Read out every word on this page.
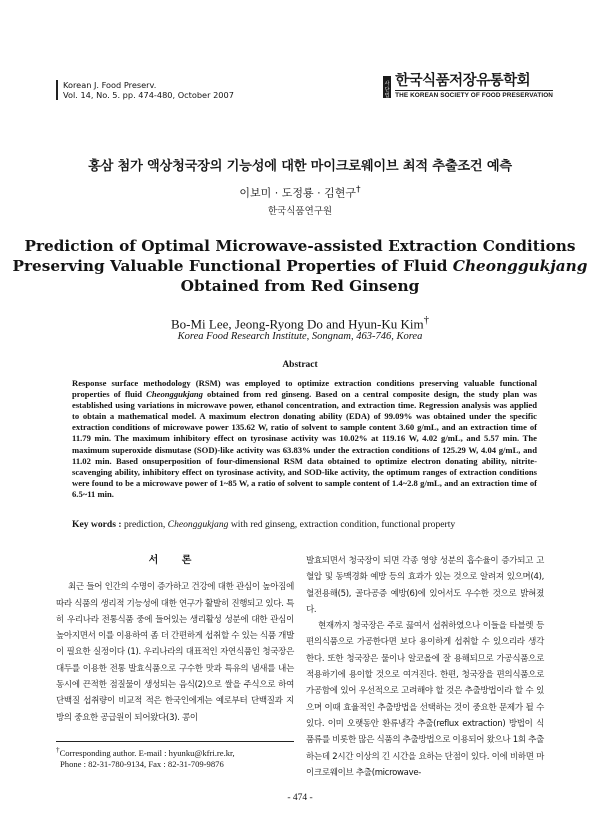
Korean J. Food Preserv.
Vol. 14, No. 5. pp. 474-480, October 2007
사단법인
한국식품저장유통학회
THE KOREAN SOCIETY OF FOOD PRESERVATION
홍삼 첨가 액상청국장의 기능성에 대한 마이크로웨이브 최적 추출조건 예측
이보미 · 도정룡 · 김현구†
한국식품연구원
Prediction of Optimal Microwave-assisted Extraction Conditions
Preserving Valuable Functional Properties of Fluid Cheonggukjang
Obtained from Red Ginseng
Bo-Mi Lee, Jeong-Ryong Do and Hyun-Ku Kim†
Korea Food Research Institute, Songnam, 463-746, Korea
Abstract
Response surface methodology (RSM) was employed to optimize extraction conditions preserving valuable functional properties of fluid Cheonggukjang obtained from red ginseng. Based on a central composite design, the study plan was established using variations in microwave power, ethanol concentration, and extraction time. Regression analysis was applied to obtain a mathematical model. A maximum electron donating ability (EDA) of 99.09% was obtained under the specific extraction conditions of microwave power 135.62 W, ratio of solvent to sample content 3.60 g/mL, and an extraction time of 11.79 min. The maximum inhibitory effect on tyrosinase activity was 10.02% at 119.16 W, 4.02 g/mL, and 5.57 min. The maximum superoxide dismutase (SOD)-like activity was 63.83% under the extraction conditions of 125.29 W, 4.04 g/mL, and 11.02 min. Based onsuperposition of four-dimensional RSM data obtained to optimize electron donating ability, nitrite-scavenging ability, inhibitory effect on tyrosinase activity, and SOD-like activity, the optimum ranges of extraction conditions were found to be a microwave power of 1~85 W, a ratio of solvent to sample content of 1.4~2.8 g/mL, and an extraction time of 6.5~11 min.
Key words : prediction, Cheonggukjang with red ginseng, extraction condition, functional property
서 론

최근 들어 인간의 수명이 증가하고 건강에 대한 관심이 높아짐에 따라 식품의 생리적 기능성에 대한 연구가 활발히 진행되고 있다. 특히 우리나라 전통식품 중에 들어있는 생리활성 성분에 대한 관심이 높아지면서 이를 이용하여 좀 더 간편하게 섭취할 수 있는 식품 개발이 필요한 실정이다 (1). 우리나라의 대표적인 자연식품인 청국장은 대두를 이용한 전통 발효식품으로 구수한 맛과 특유의 냄새를 내는 동시에 끈적한 점질물이 생성되는 음식(2)으로 쌀을 주식으로 하여 단백질 섭취량이 비교적 적은 한국인에게는 예로부터 단백질과 지방의 중요한 공급원이 되어왔다(3). 콩이

발효되면서 청국장이 되면 각종 영양 성분의 흡수율이 증가되고 고혈압 및 동맥경화 예방 등의 효과가 있는 것으로 알려져 있으며(4), 혈전용해(5), 골다공증 예방(6)에 있어서도 우수한 것으로 밝혀졌다.

현재까지 청국장은 주로 끓여서 섭취하였으나 이들을 타블렛 등 편의식품으로 가공한다면 보다 용이하게 섭취할 수 있으리라 생각한다. 또한 청국장은 물이나 알코올에 잘 용해되므로 가공식품으로 적용하기에 용이할 것으로 여겨진다. 한편, 청국장을 편의식품으로 가공함에 있어 우선적으로 고려해야 할 것은 추출방법이라 할 수 있으며 이때 효율적인 추출방법을 선택하는 것이 중요한 문제가 될 수 있다. 이미 오랫동안 환류냉각 추출(reflux extraction) 방법이 식품류를 비롯한 많은 식품의 추출방법으로 이용되어 왔으나 1회 추출하는데 2시간 이상의 긴 시간을 요하는 단점이 있다. 이에 비하면 마이크로웨이브 추출(microwave-

†Corresponding author. E-mail : hyunku@kfri.re.kr,
Phone : 82-31-780-9134, Fax : 82-31-709-9876
- 474 -
